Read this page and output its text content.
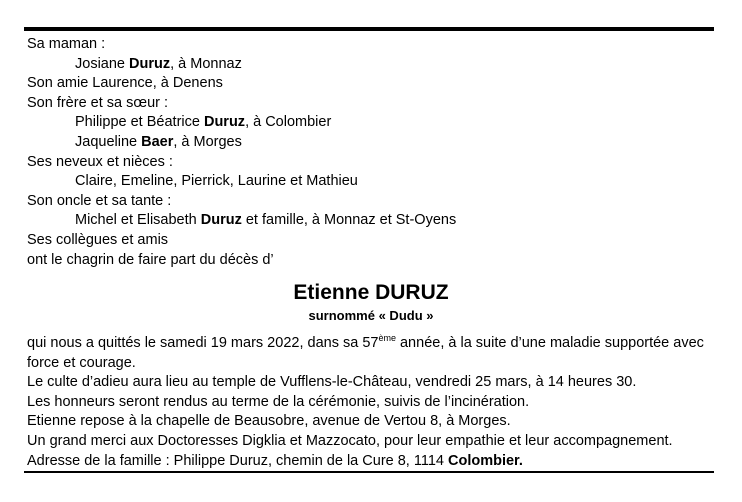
Sa maman :
Josiane Duruz, à Monnaz
Son amie Laurence, à Denens
Son frère et sa sœur :
Philippe et Béatrice Duruz, à Colombier
Jaqueline Baer, à Morges
Ses neveux et nièces :
Claire, Emeline, Pierrick, Laurine et Mathieu
Son oncle et sa tante :
Michel et Elisabeth Duruz et famille, à Monnaz et St-Oyens
Ses collègues et amis
ont le chagrin de faire part du décès d’
Etienne DURUZ
surnommé « Dudu »
qui nous a quittés le samedi 19 mars 2022, dans sa 57ème année, à la suite d’une maladie supportée avec
force et courage.
Le culte d’adieu aura lieu au temple de Vufflens-le-Château, vendredi 25 mars, à 14 heures 30.
Les honneurs seront rendus au terme de la cérémonie, suivis de l’incinération.
Etienne repose à la chapelle de Beausobre, avenue de Vertou 8, à Morges.
Un grand merci aux Doctoresses Digklia et Mazzocato, pour leur empathie et leur accompagnement.
Adresse de la famille : Philippe Duruz, chemin de la Cure 8, 1114 Colombier.
